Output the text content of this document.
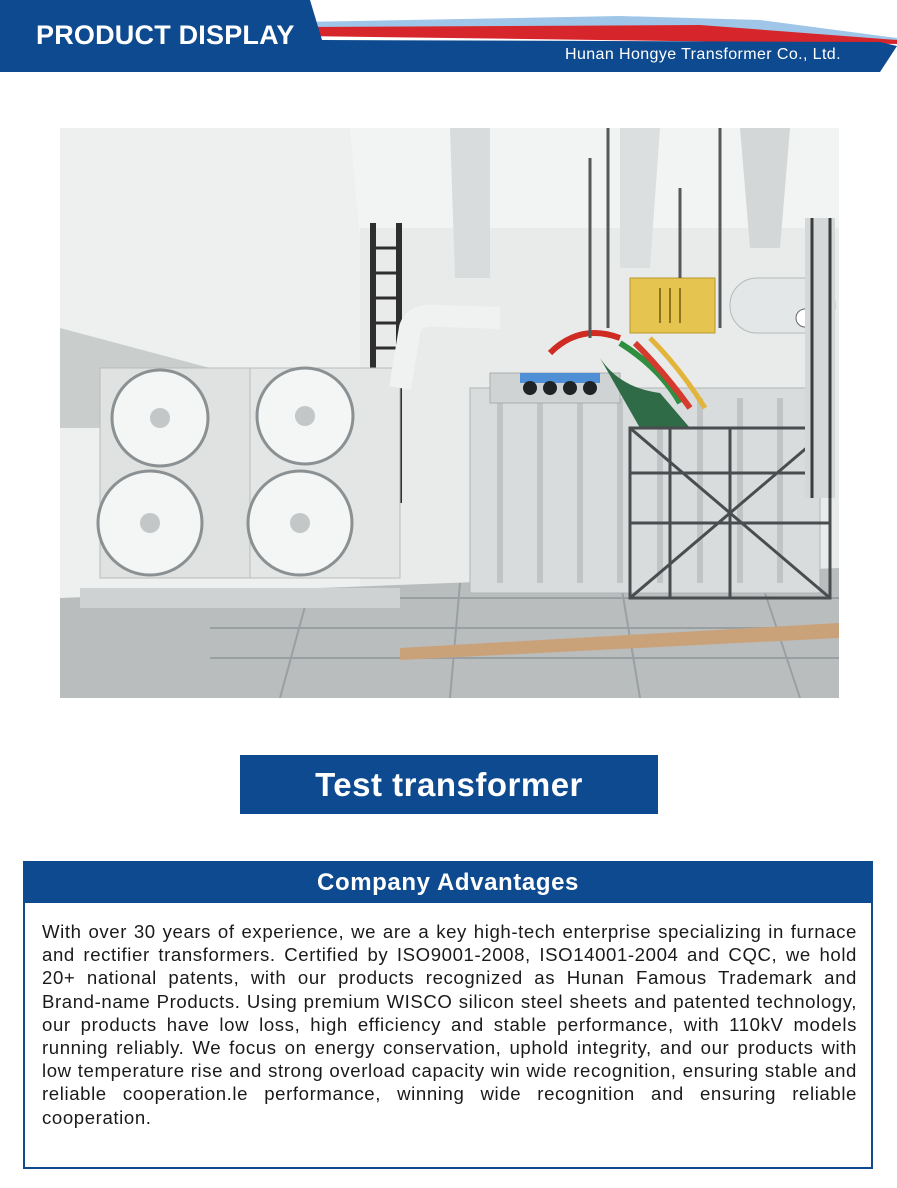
PRODUCT DISPLAY
Hunan Hongye Transformer Co., Ltd.
Test transformer
Company Advantages
With over 30 years of experience, we are a key high-tech enterprise specializing in furnace and rectifier transformers. Certified by ISO9001-2008, ISO14001-2004 and CQC, we hold 20+ national patents, with our products recognized as Hunan Famous Trademark and Brand-name Products. Using premium WISCO silicon steel sheets and patented technology, our products have low loss, high efficiency and stable performance, with 110kV models running reliably. We focus on energy conservation, uphold integrity, and our products with low temperature rise and strong overload capacity win wide recognition, ensuring stable and reliable cooperation.le performance, winning wide recognition and ensuring reliable cooperation.
